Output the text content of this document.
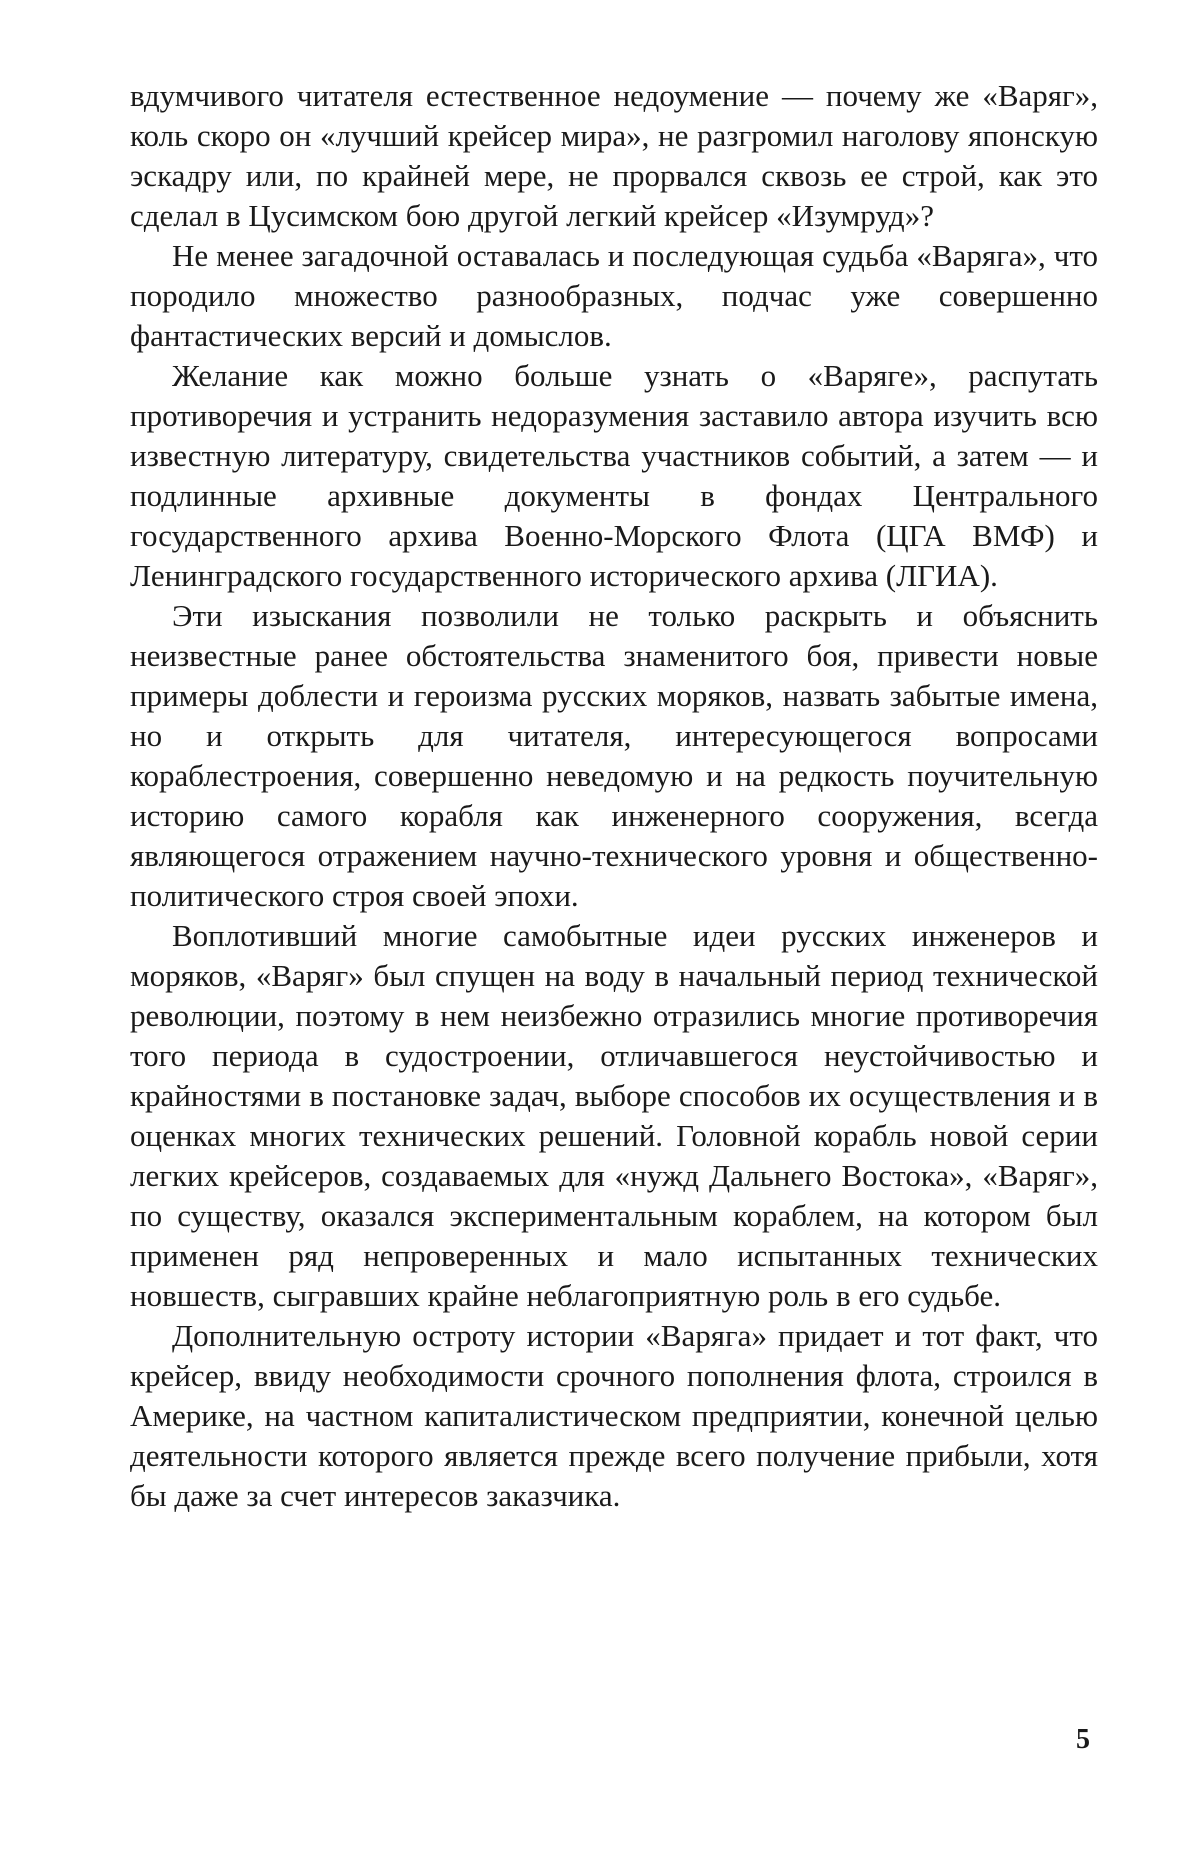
вдумчивого читателя естественное недоумение — почему же «Варяг», коль скоро он «лучший крейсер мира», не разгромил наголову японскую эскадру или, по крайней мере, не прорвался сквозь ее строй, как это сделал в Цусимском бою другой легкий крейсер «Изумруд»?

Не менее загадочной оставалась и последующая судьба «Варяга», что породило множество разнообразных, подчас уже совершенно фантастических версий и домыслов.

Желание как можно больше узнать о «Варяге», распутать противоречия и устранить недоразумения заставило автора изучить всю известную литературу, свидетельства участников событий, а затем — и подлинные архивные документы в фондах Центрального государственного архива Военно-Морского Флота (ЦГА ВМФ) и Ленинградского государственного исторического архива (ЛГИА).

Эти изыскания позволили не только раскрыть и объяснить неизвестные ранее обстоятельства знаменитого боя, привести новые примеры доблести и героизма русских моряков, назвать забытые имена, но и открыть для читателя, интересующегося вопросами кораблестроения, совершенно неведомую и на редкость поучительную историю самого корабля как инженерного сооружения, всегда являющегося отражением научно-технического уровня и общественно-политического строя своей эпохи.

Воплотивший многие самобытные идеи русских инженеров и моряков, «Варяг» был спущен на воду в начальный период технической революции, поэтому в нем неизбежно отразились многие противоречия того периода в судостроении, отличавшегося неустойчивостью и крайностями в постановке задач, выборе способов их осуществления и в оценках многих технических решений. Головной корабль новой серии легких крейсеров, создаваемых для «нужд Дальнего Востока», «Варяг», по существу, оказался экспериментальным кораблем, на котором был применен ряд непроверенных и мало испытанных технических новшеств, сыгравших крайне неблагоприятную роль в его судьбе.

Дополнительную остроту истории «Варяга» придает и тот факт, что крейсер, ввиду необходимости срочного пополнения флота, строился в Америке, на частном капиталистическом предприятии, конечной целью деятельности которого является прежде всего получение прибыли, хотя бы даже за счет интересов заказчика.

5
